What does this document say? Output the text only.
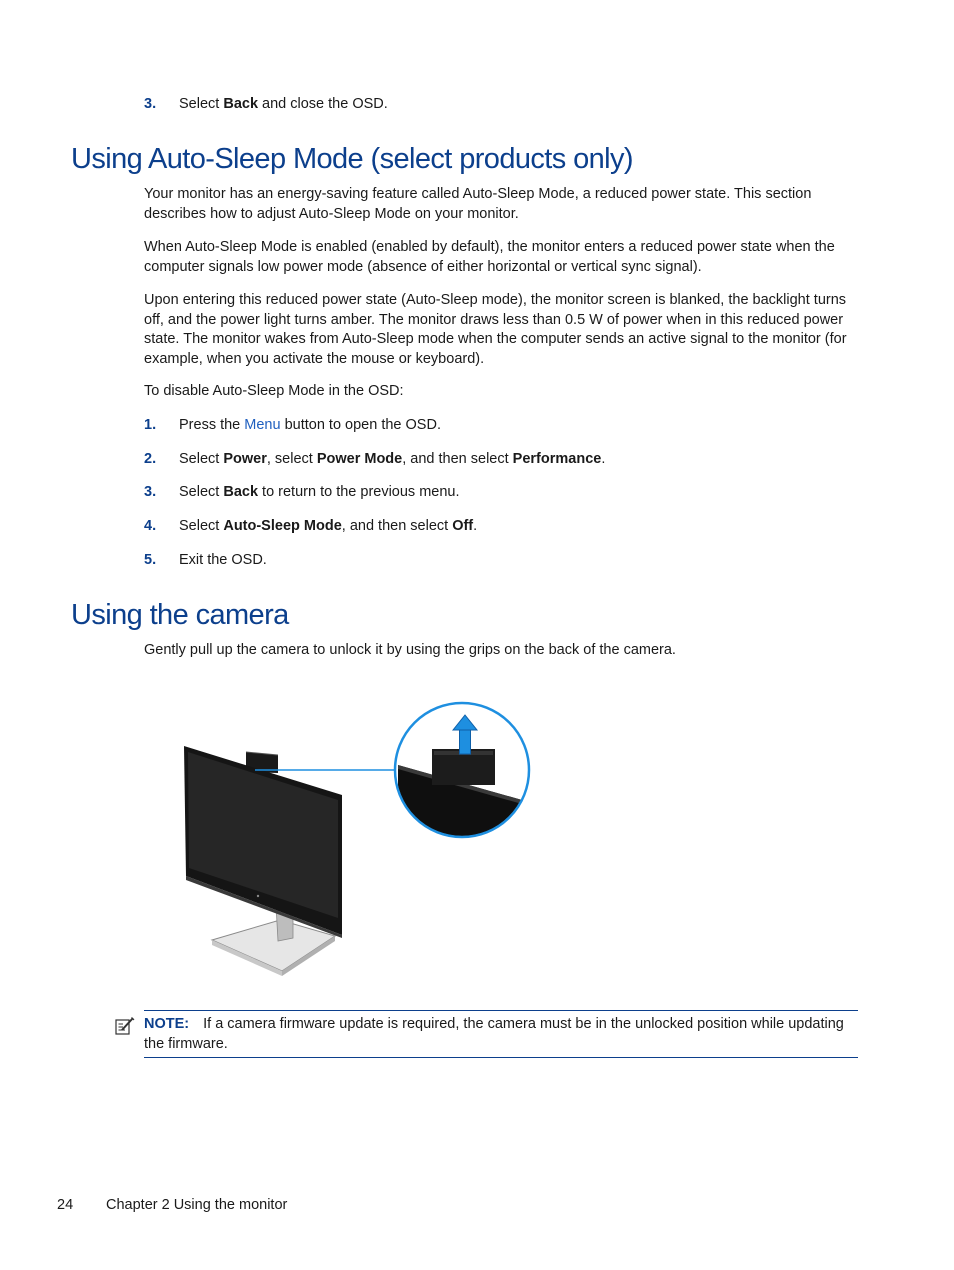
3. Select Back and close the OSD.
Using Auto-Sleep Mode (select products only)

Your monitor has an energy-saving feature called Auto-Sleep Mode, a reduced power state. This section describes how to adjust Auto-Sleep Mode on your monitor.

When Auto-Sleep Mode is enabled (enabled by default), the monitor enters a reduced power state when the computer signals low power mode (absence of either horizontal or vertical sync signal).

Upon entering this reduced power state (Auto-Sleep mode), the monitor screen is blanked, the backlight turns off, and the power light turns amber. The monitor draws less than 0.5 W of power when in this reduced power state. The monitor wakes from Auto-Sleep mode when the computer sends an active signal to the monitor (for example, when you activate the mouse or keyboard).

To disable Auto-Sleep Mode in the OSD:

1. Press the Menu button to open the OSD.
2. Select Power, select Power Mode, and then select Performance.
3. Select Back to return to the previous menu.
4. Select Auto-Sleep Mode, and then select Off.
5. Exit the OSD.
Using the camera

Gently pull up the camera to unlock it by using the grips on the back of the camera.

NOTE: If a camera firmware update is required, the camera must be in the unlocked position while updating the firmware.
24 Chapter 2 Using the monitor
